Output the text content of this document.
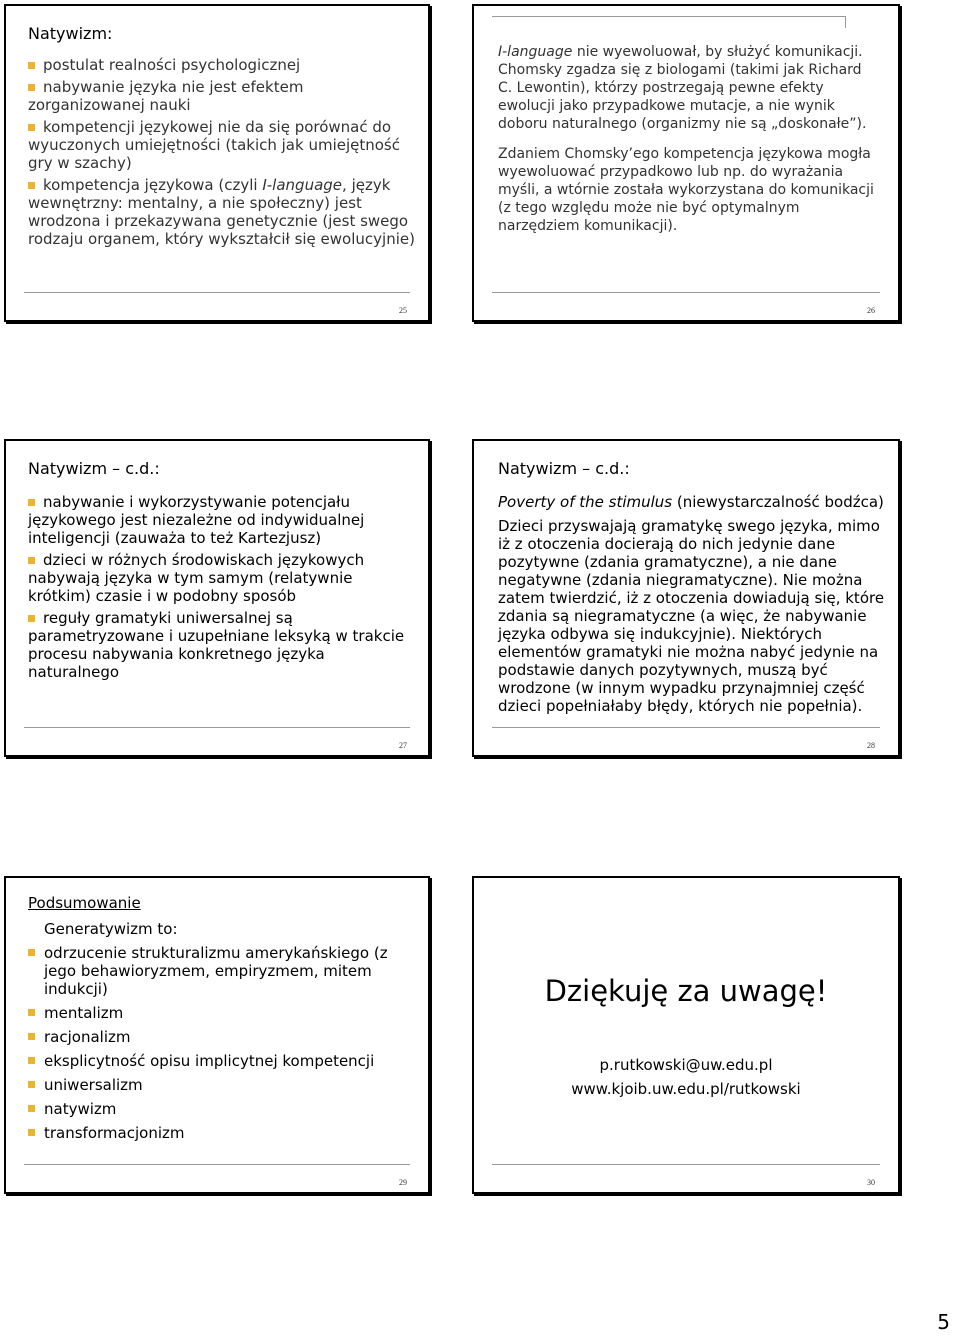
Natywizm:
postulat realności psychologicznej
nabywanie języka nie jest efektem zorganizowanej nauki
kompetencji językowej nie da się porównać do wyuczonych umiejętności (takich jak umiejętność gry w szachy)
kompetencja językowa (czyli I-language, język wewnętrzny: mentalny, a nie społeczny) jest wrodzona i przekazywana genetycznie (jest swego rodzaju organem, który wykształcił się ewolucyjnie)
25

I-language nie wyewoluował, by służyć komunikacji. Chomsky zgadza się z biologami (takimi jak Richard C. Lewontin), którzy postrzegają pewne efekty ewolucji jako przypadkowe mutacje, a nie wynik doboru naturalnego (organizmy nie są „doskonałe”).

Zdaniem Chomsky’ego kompetencja językowa mogła wyewoluować przypadkowo lub np. do wyrażania myśli, a wtórnie została wykorzystana do komunikacji (z tego względu może nie być optymalnym narzędziem komunikacji).

26
Natywizm – c.d.:
nabywanie i wykorzystywanie potencjału językowego jest niezależne od indywidualnej inteligencji (zauważa to też Kartezjusz)
dzieci w różnych środowiskach językowych nabywają języka w tym samym (relatywnie krótkim) czasie i w podobny sposób
reguły gramatyki uniwersalnej są parametryzowane i uzupełniane leksyką w trakcie procesu nabywania konkretnego języka naturalnego
27
Natywizm – c.d.:

Poverty of the stimulus (niewystarczalność bodźca)

Dzieci przyswajają gramatykę swego języka, mimo iż z otoczenia docierają do nich jedynie dane pozytywne (zdania gramatyczne), a nie dane negatywne (zdania niegramatyczne). Nie można zatem twierdzić, iż z otoczenia dowiadują się, które zdania są niegramatyczne (a więc, że nabywanie języka odbywa się indukcyjnie). Niektórych elementów gramatyki nie można nabyć jedynie na podstawie danych pozytywnych, muszą być wrodzone (w innym wypadku przynajmniej część dzieci popełniałaby błędy, których nie popełnia).

28
Podsumowanie
Generatywizm to:
odrzucenie strukturalizmu amerykańskiego (z jego behawioryzmem, empiryzmem, mitem indukcji)
mentalizm
racjonalizm
eksplicytność opisu implicytnej kompetencji
uniwersalizm
natywizm
transformacjonizm
29
Dziękuję za uwagę!
p.rutkowski@uw.edu.pl
www.kjoib.uw.edu.pl/rutkowski
30
5
